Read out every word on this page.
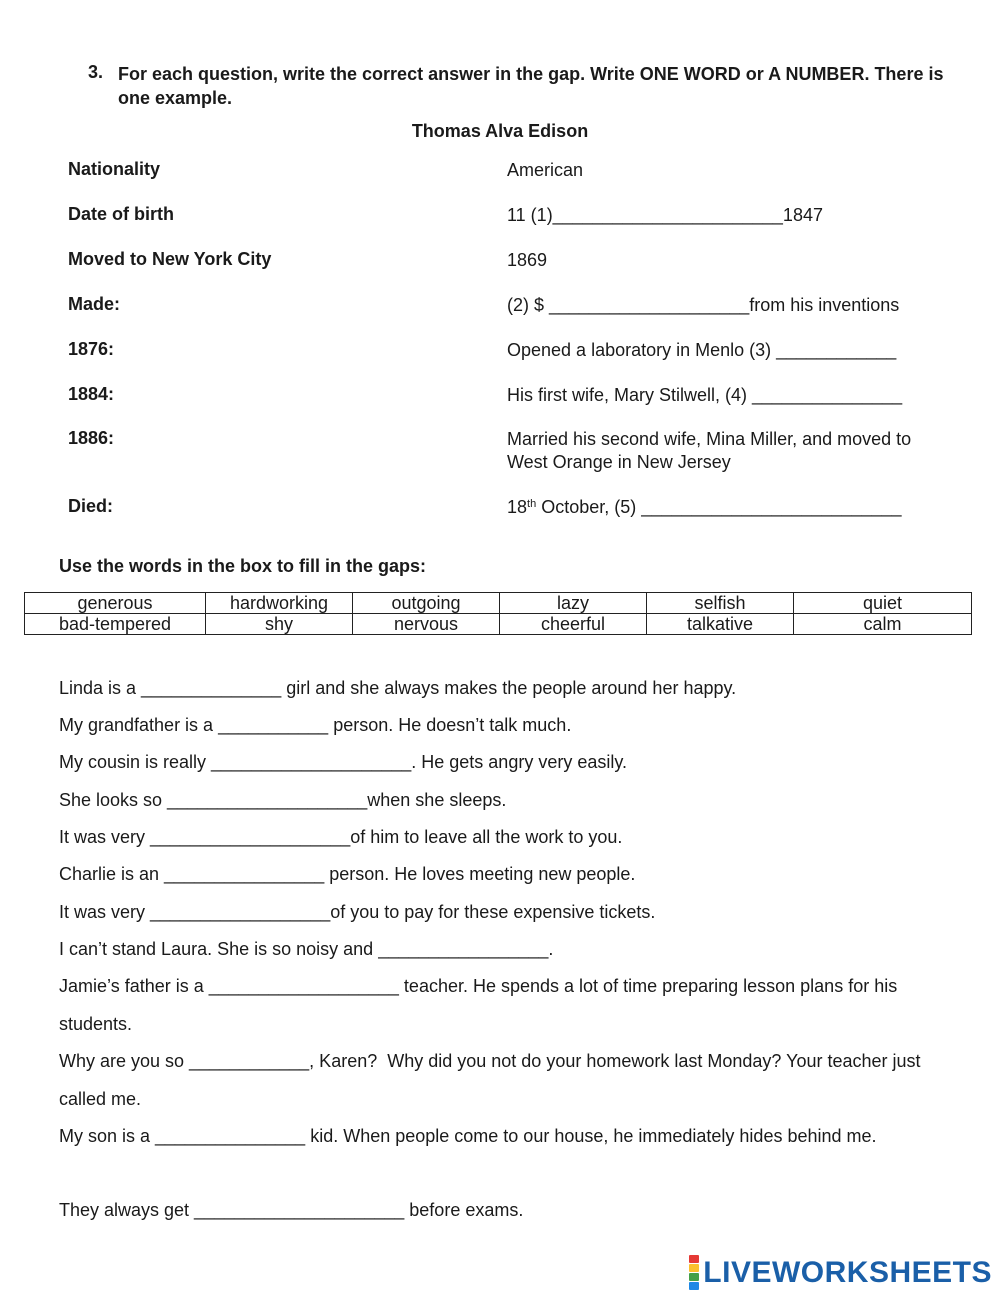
3. For each question, write the correct answer in the gap. Write ONE WORD or A NUMBER. There is one example.
Thomas Alva Edison
Nationality	American
Date of birth	11 (1)_______________________1847
Moved to New York City	1869
Made:	(2) $ ____________________from his inventions
1876:	Opened a laboratory in Menlo (3) ____________
1884:	His first wife, Mary Stilwell, (4) _______________
1886:	Married his second wife, Mina Miller, and moved to West Orange in New Jersey
Died:	18th October, (5) __________________________
Use the words in the box to fill in the gaps:
generous	hardworking	outgoing	lazy	selfish	quiet
bad-tempered	shy	nervous	cheerful	talkative	calm
Linda is a ______________ girl and she always makes the people around her happy.
My grandfather is a ___________ person. He doesn’t talk much.
My cousin is really ____________________. He gets angry very easily.
She looks so ____________________when she sleeps.
It was very ____________________of him to leave all the work to you.
Charlie is an ________________ person. He loves meeting new people.
It was very __________________of you to pay for these expensive tickets.
I can’t stand Laura. She is so noisy and _________________.
Jamie’s father is a ___________________ teacher. He spends a lot of time preparing lesson plans for his students.
Why are you so ____________, Karen?  Why did you not do your homework last Monday? Your teacher just called me.
My son is a _______________ kid. When people come to our house, he immediately hides behind me.
They always get _____________________ before exams.
LIVEWORKSHEETS
